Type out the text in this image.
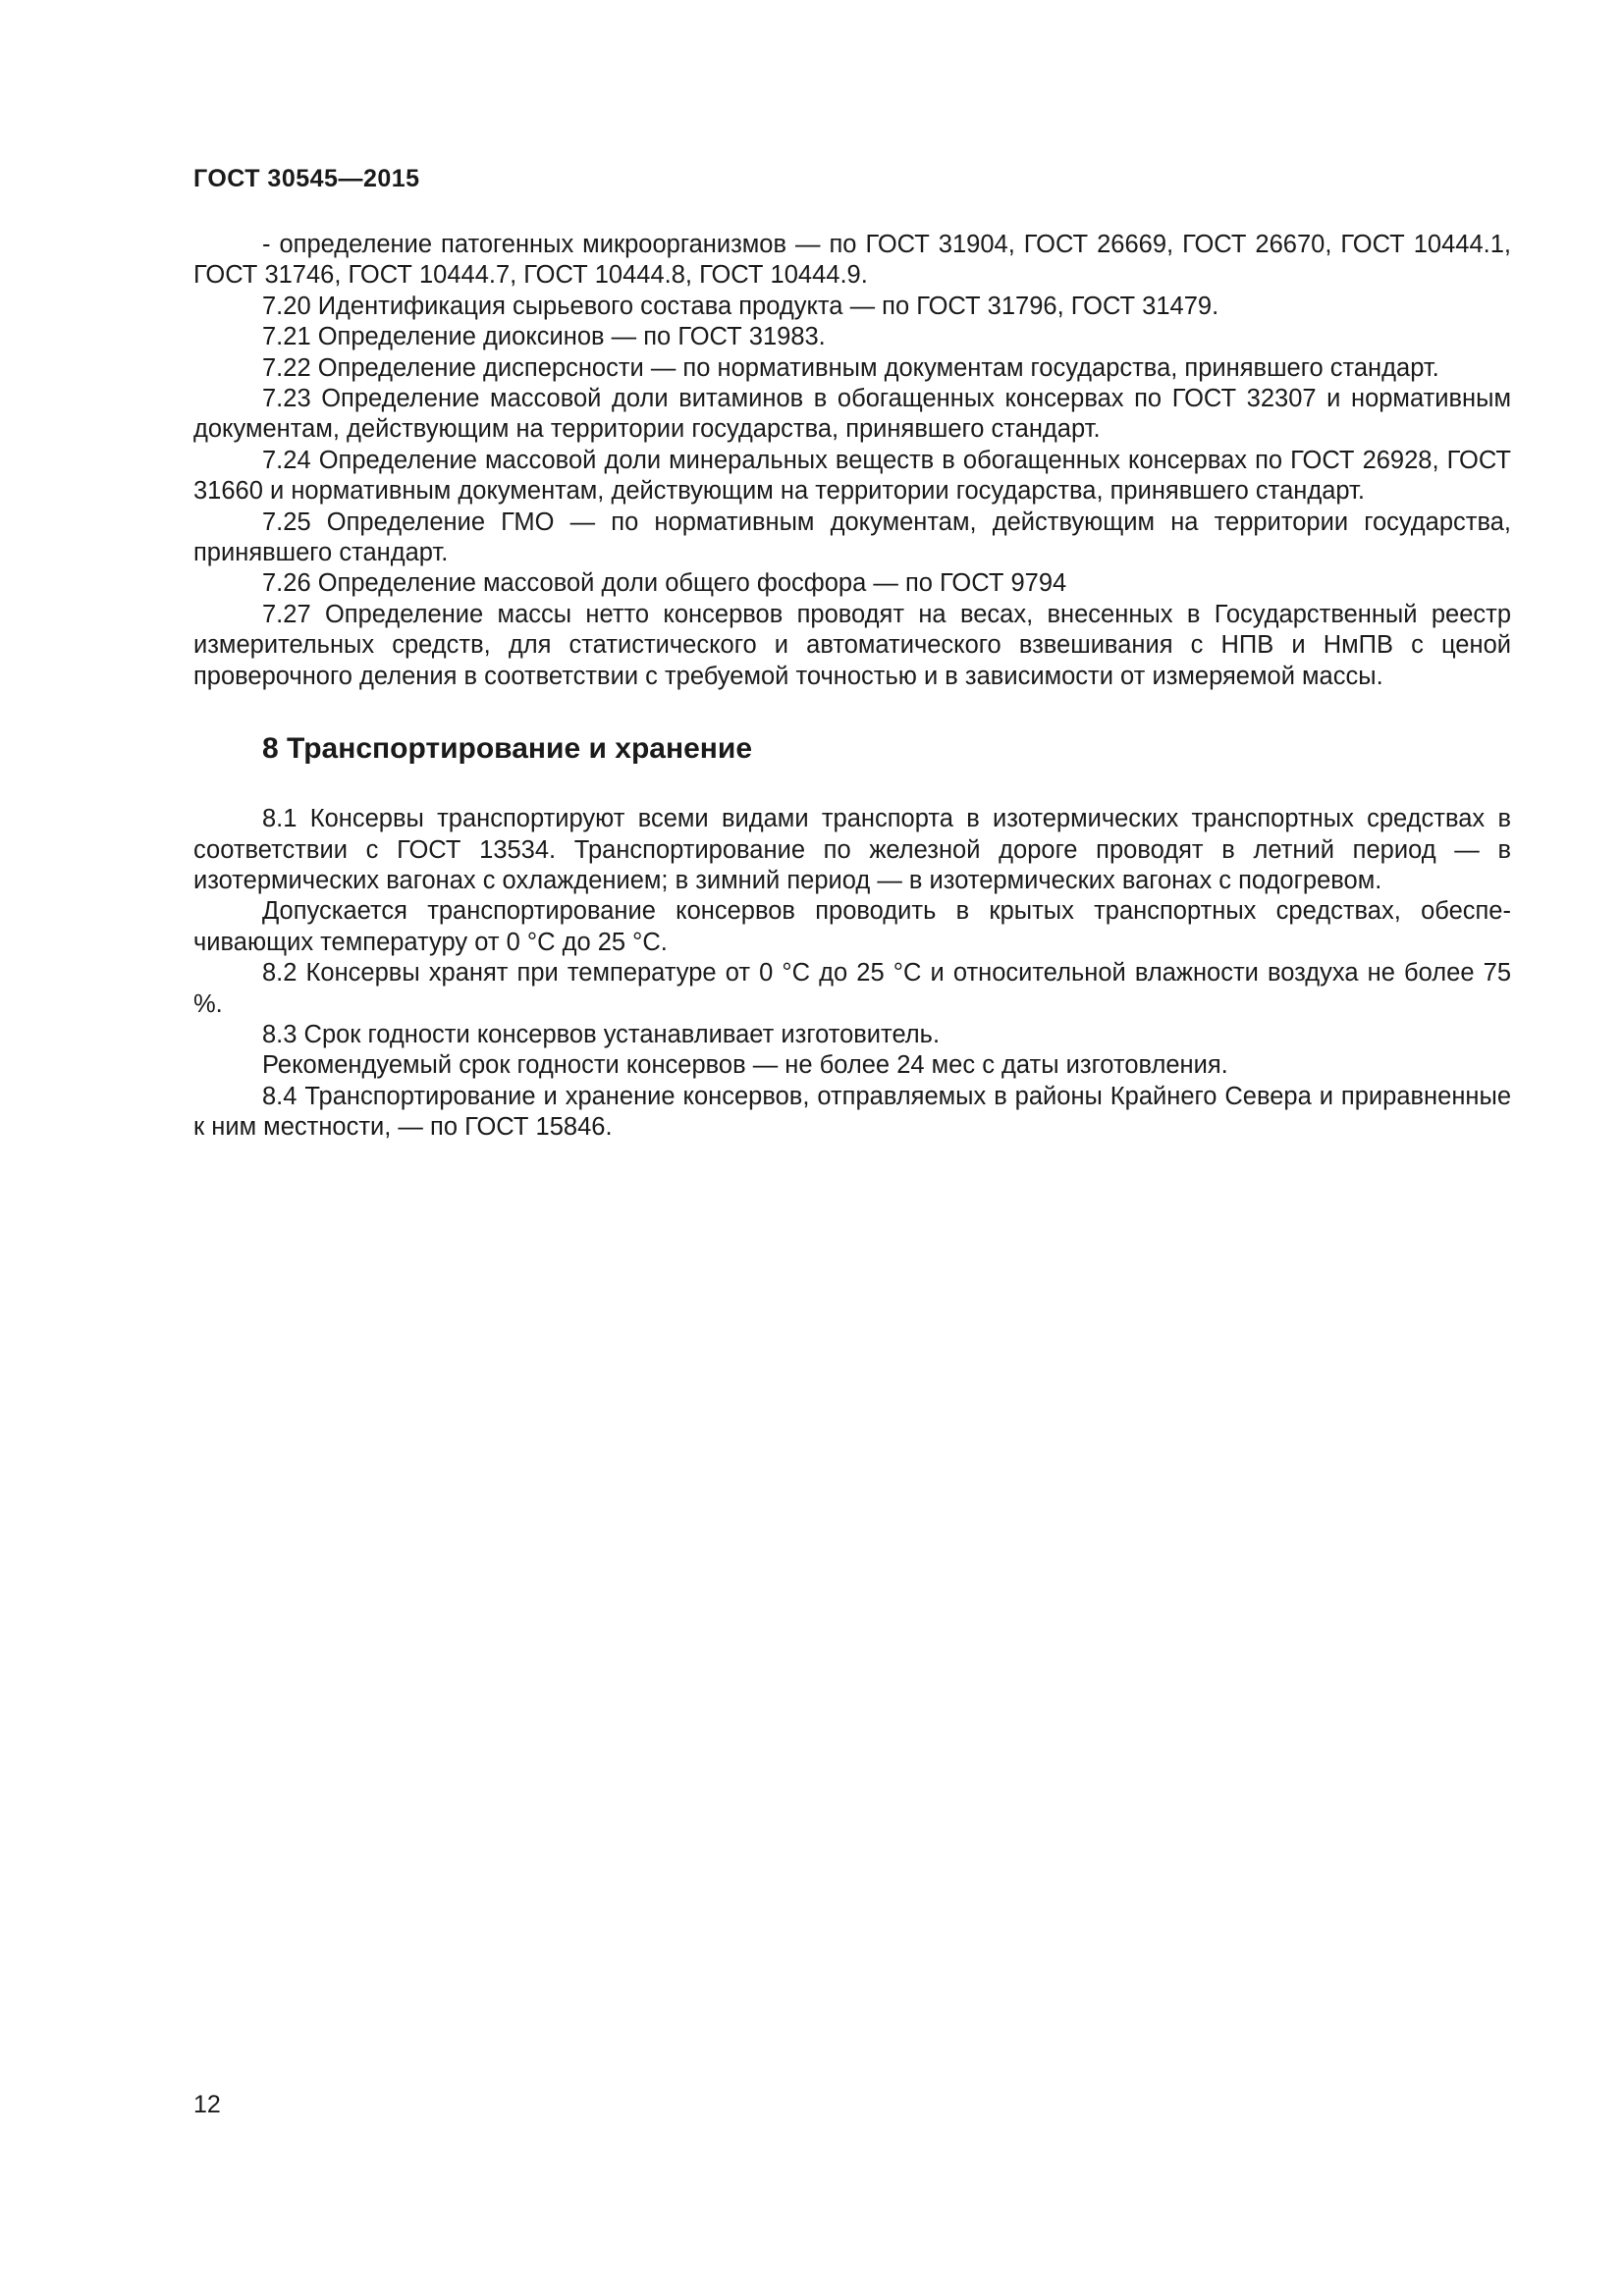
ГОСТ 30545—2015

- определение патогенных микроорганизмов — по ГОСТ 31904, ГОСТ 26669, ГОСТ 26670, ГОСТ 10444.1, ГОСТ 31746, ГОСТ 10444.7, ГОСТ 10444.8, ГОСТ 10444.9.

7.20 Идентификация сырьевого состава продукта — по ГОСТ 31796, ГОСТ 31479.

7.21 Определение диоксинов — по ГОСТ 31983.

7.22 Определение дисперсности — по нормативным документам государства, принявшего стандарт.

7.23 Определение массовой доли витаминов в обогащенных консервах по ГОСТ 32307 и нормативным документам, действующим на территории государства, принявшего стандарт.

7.24 Определение массовой доли минеральных веществ в обогащенных консервах по ГОСТ 26928, ГОСТ 31660 и нормативным документам, действующим на территории государства, принявшего стандарт.

7.25 Определение ГМО — по нормативным документам, действующим на территории государства, принявшего стандарт.

7.26 Определение массовой доли общего фосфора — по ГОСТ 9794

7.27 Определение массы нетто консервов проводят на весах, внесенных в Государственный реестр измерительных средств, для статистического и автоматического взвешивания с НПВ и НмПВ с ценой проверочного деления в соответствии с требуемой точностью и в зависимости от измеряемой массы.

8 Транспортирование и хранение

8.1 Консервы транспортируют всеми видами транспорта в изотермических транспортных средствах в соответствии с ГОСТ 13534. Транспортирование по железной дороге проводят в летний период — в изотермических вагонах с охлаждением; в зимний период — в изотермических вагонах с подогревом.

Допускается транспортирование консервов проводить в крытых транспортных средствах, обеспечивающих температуру от 0 °С до 25 °С.

8.2 Консервы хранят при температуре от 0 °С до 25 °С и относительной влажности воздуха не более 75 %.

8.3 Срок годности консервов устанавливает изготовитель.

Рекомендуемый срок годности консервов — не более 24 мес с даты изготовления.

8.4 Транспортирование и хранение консервов, отправляемых в районы Крайнего Севера и приравненные к ним местности, — по ГОСТ 15846.

12
